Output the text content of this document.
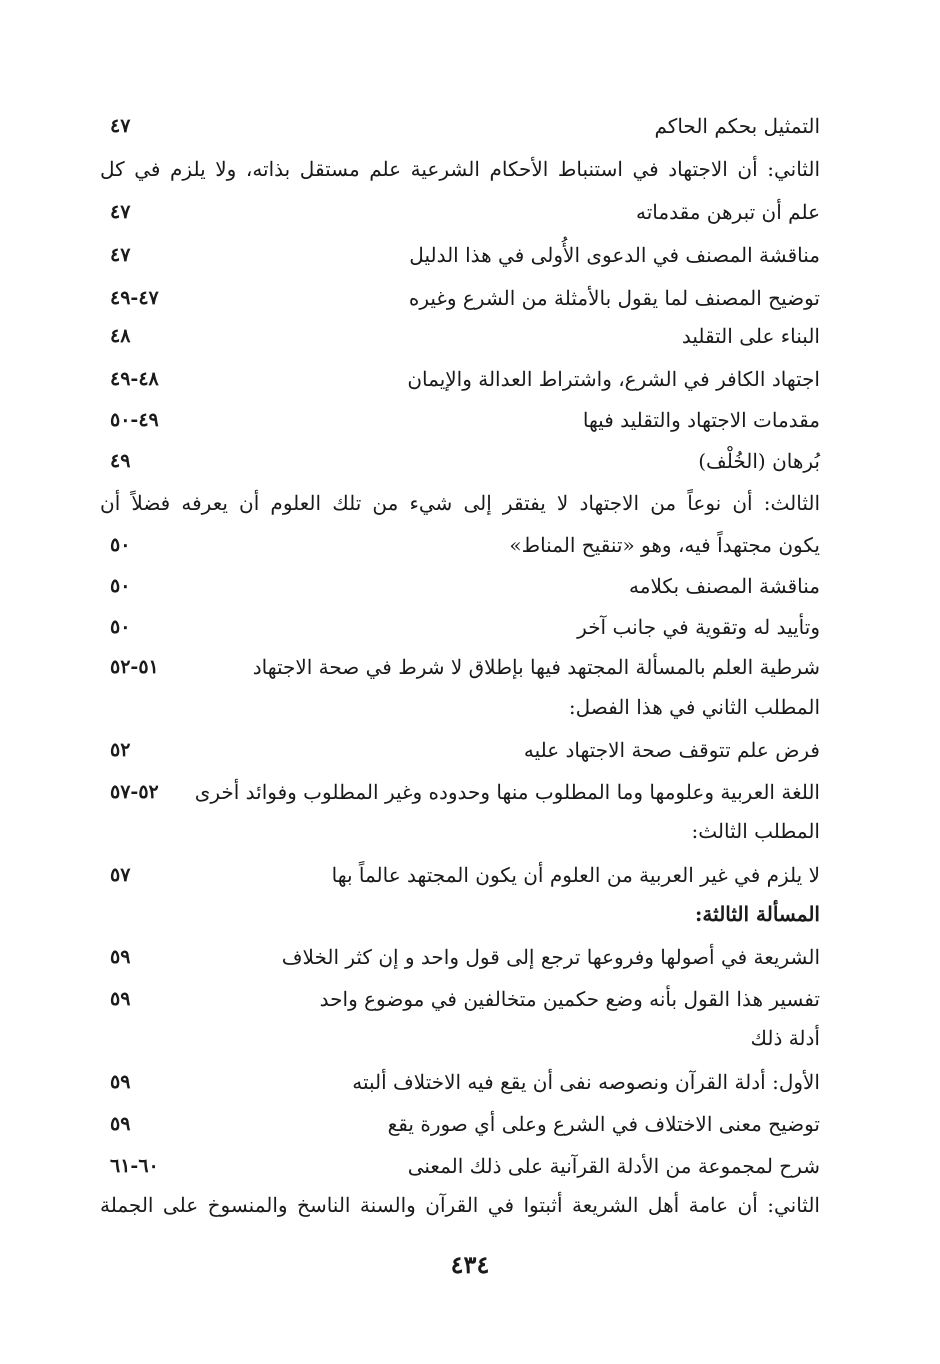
التمثيل بحكم الحاكم
٤٧
الثاني: أن الاجتهاد في استنباط الأحكام الشرعية علم مستقل بذاته، ولا يلزم في كل
علم أن تبرهن مقدماته
٤٧
مناقشة المصنف في الدعوى الأُولى في هذا الدليل
٤٧
توضيح المصنف لما يقول بالأمثلة من الشرع وغيره
٤٧-٤٩
البناء على التقليد
٤٨
اجتهاد الكافر في الشرع، واشتراط العدالة والإيمان
٤٨-٤٩
مقدمات الاجتهاد والتقليد فيها
٤٩-٥٠
بُرهان (الخُلْف)
٤٩
الثالث: أن نوعاً من الاجتهاد لا يفتقر إلى شيء من تلك العلوم أن يعرفه فضلاً أن
يكون مجتهداً فيه، وهو «تنقيح المناط»
٥٠
مناقشة المصنف بكلامه
٥٠
وتأييد له وتقوية في جانب آخر
٥٠
شرطية العلم بالمسألة المجتهد فيها بإطلاق لا شرط في صحة الاجتهاد
٥١-٥٢
المطلب الثاني في هذا الفصل:
فرض علم تتوقف صحة الاجتهاد عليه
٥٢
اللغة العربية وعلومها وما المطلوب منها وحدوده وغير المطلوب وفوائد أخرى
٥٢-٥٧
المطلب الثالث:
لا يلزم في غير العربية من العلوم أن يكون المجتهد عالماً بها
٥٧
المسألة الثالثة:
الشريعة في أصولها وفروعها ترجع إلى قول واحد و إن كثر الخلاف
٥٩
تفسير هذا القول بأنه وضع حكمين متخالفين في موضوع واحد
٥٩
أدلة ذلك
الأول: أدلة القرآن ونصوصه نفى أن يقع فيه الاختلاف ألبته
٥٩
توضيح معنى الاختلاف في الشرع وعلى أي صورة يقع
٥٩
شرح لمجموعة من الأدلة القرآنية على ذلك المعنى
٦٠-٦١
الثاني: أن عامة أهل الشريعة أثبتوا في القرآن والسنة الناسخ والمنسوخ على الجملة
٤٣٤
